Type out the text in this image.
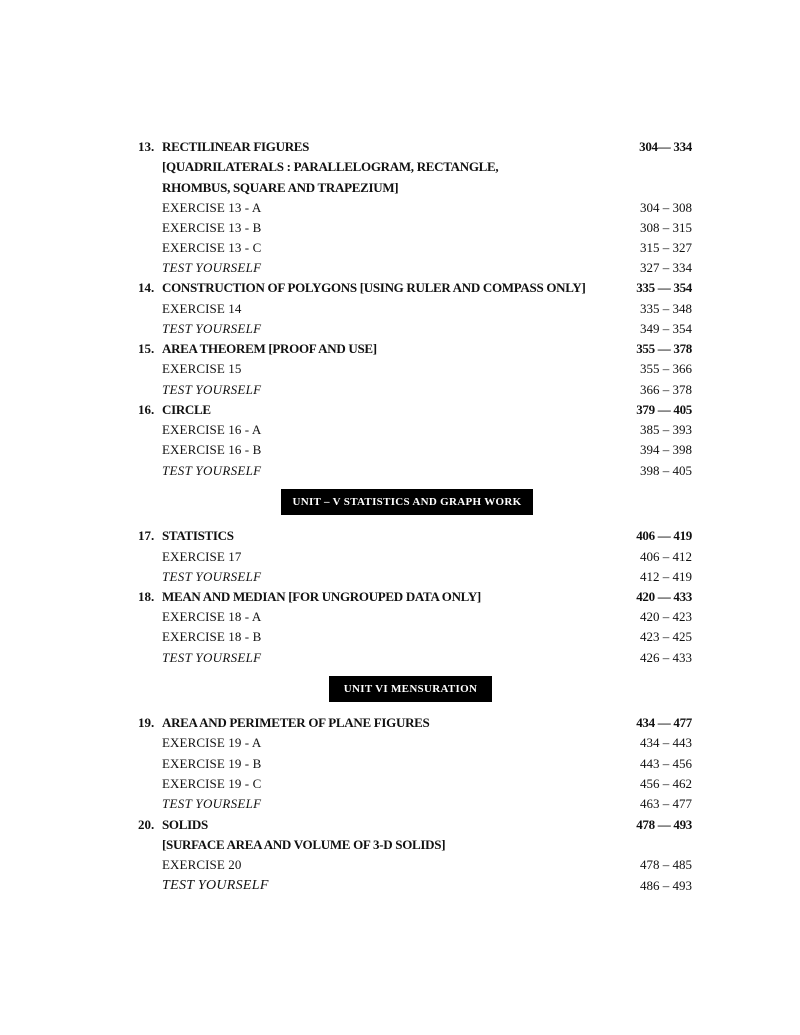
13. RECTILINEAR FIGURES	304— 334
[QUADRILATERALS : PARALLELOGRAM, RECTANGLE,
RHOMBUS, SQUARE AND TRAPEZIUM]
EXERCISE 13 - A	304 – 308
EXERCISE 13 - B	308 – 315
EXERCISE 13 - C	315 – 327
TEST YOURSELF	327 – 334
14. CONSTRUCTION OF POLYGONS [USING RULER AND COMPASS ONLY]	335 — 354
EXERCISE 14	335 – 348
TEST YOURSELF	349 – 354
15. AREA THEOREM [PROOF AND USE]	355 — 378
EXERCISE 15	355 – 366
TEST YOURSELF	366 – 378
16. CIRCLE	379 — 405
EXERCISE 16 - A	385 – 393
EXERCISE 16 - B	394 – 398
TEST YOURSELF	398 – 405
UNIT – V STATISTICS AND GRAPH WORK
17. STATISTICS	406 — 419
EXERCISE 17	406 – 412
TEST YOURSELF	412 – 419
18. MEAN AND MEDIAN [FOR UNGROUPED DATA ONLY]	420 — 433
EXERCISE 18 - A	420 – 423
EXERCISE 18 - B	423 – 425
TEST YOURSELF	426 – 433
UNIT VI MENSURATION
19. AREA AND PERIMETER OF PLANE FIGURES	434 — 477
EXERCISE 19 - A	434 – 443
EXERCISE 19 - B	443 – 456
EXERCISE 19 - C	456 – 462
TEST YOURSELF	463 – 477
20. SOLIDS	478 — 493
[SURFACE AREA AND VOLUME OF 3-D SOLIDS]
EXERCISE 20	478 – 485
TEST YOURSELF	486 – 493
